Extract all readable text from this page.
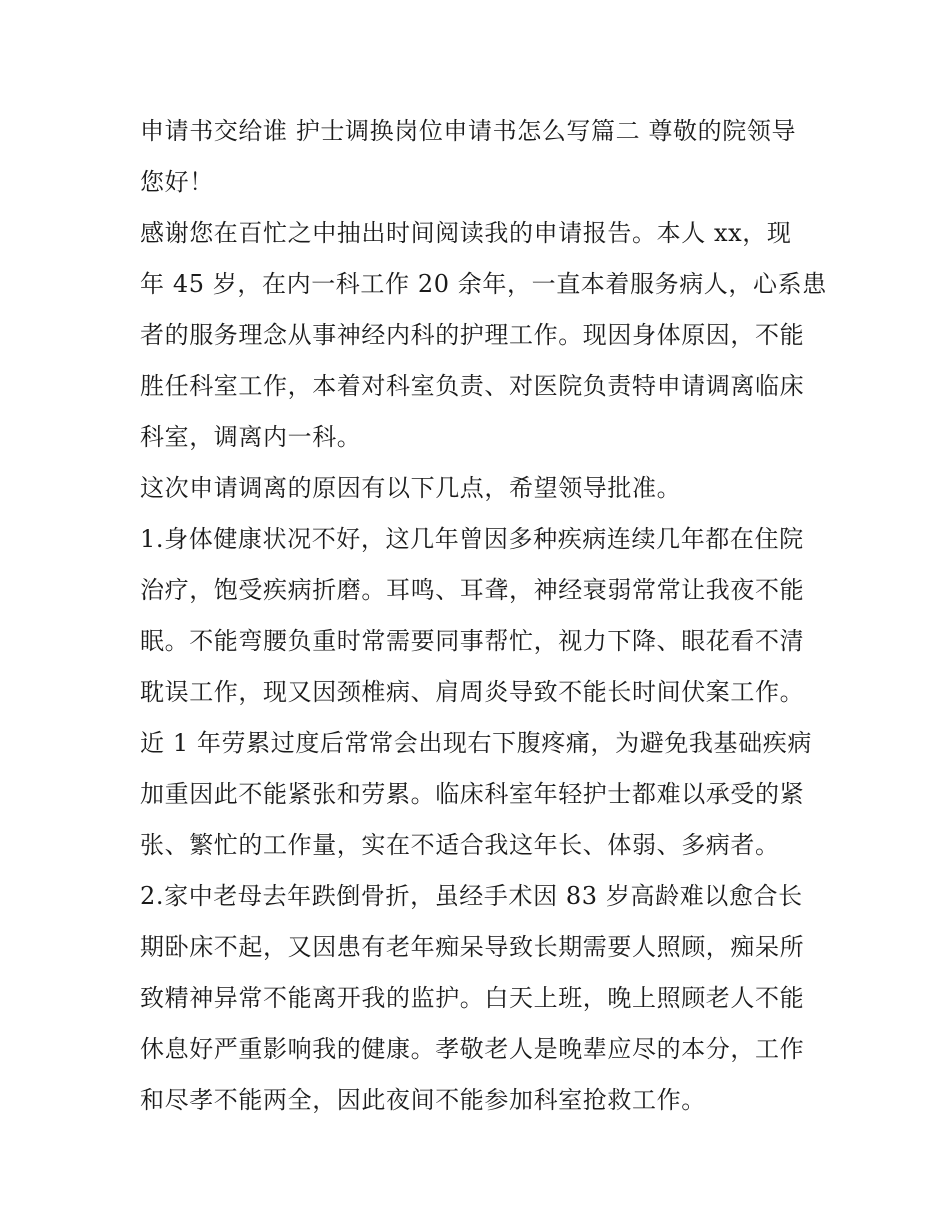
申请书交给谁 护士调换岗位申请书怎么写篇二 尊敬的院领导
您好！
感谢您在百忙之中抽出时间阅读我的申请报告。本人 xx，现
年 45 岁，在内一科工作 20 余年，一直本着服务病人，心系患
者的服务理念从事神经内科的护理工作。现因身体原因，不能
胜任科室工作，本着对科室负责、对医院负责特申请调离临床
科室，调离内一科。
这次申请调离的原因有以下几点，希望领导批准。
1.身体健康状况不好，这几年曾因多种疾病连续几年都在住院
治疗，饱受疾病折磨。耳鸣、耳聋，神经衰弱常常让我夜不能
眠。不能弯腰负重时常需要同事帮忙，视力下降、眼花看不清
耽误工作，现又因颈椎病、肩周炎导致不能长时间伏案工作。
近 1 年劳累过度后常常会出现右下腹疼痛，为避免我基础疾病
加重因此不能紧张和劳累。临床科室年轻护士都难以承受的紧
张、繁忙的工作量，实在不适合我这年长、体弱、多病者。
2.家中老母去年跌倒骨折，虽经手术因 83 岁高龄难以愈合长
期卧床不起，又因患有老年痴呆导致长期需要人照顾，痴呆所
致精神异常不能离开我的监护。白天上班，晚上照顾老人不能
休息好严重影响我的健康。孝敬老人是晚辈应尽的本分，工作
和尽孝不能两全，因此夜间不能参加科室抢救工作。
